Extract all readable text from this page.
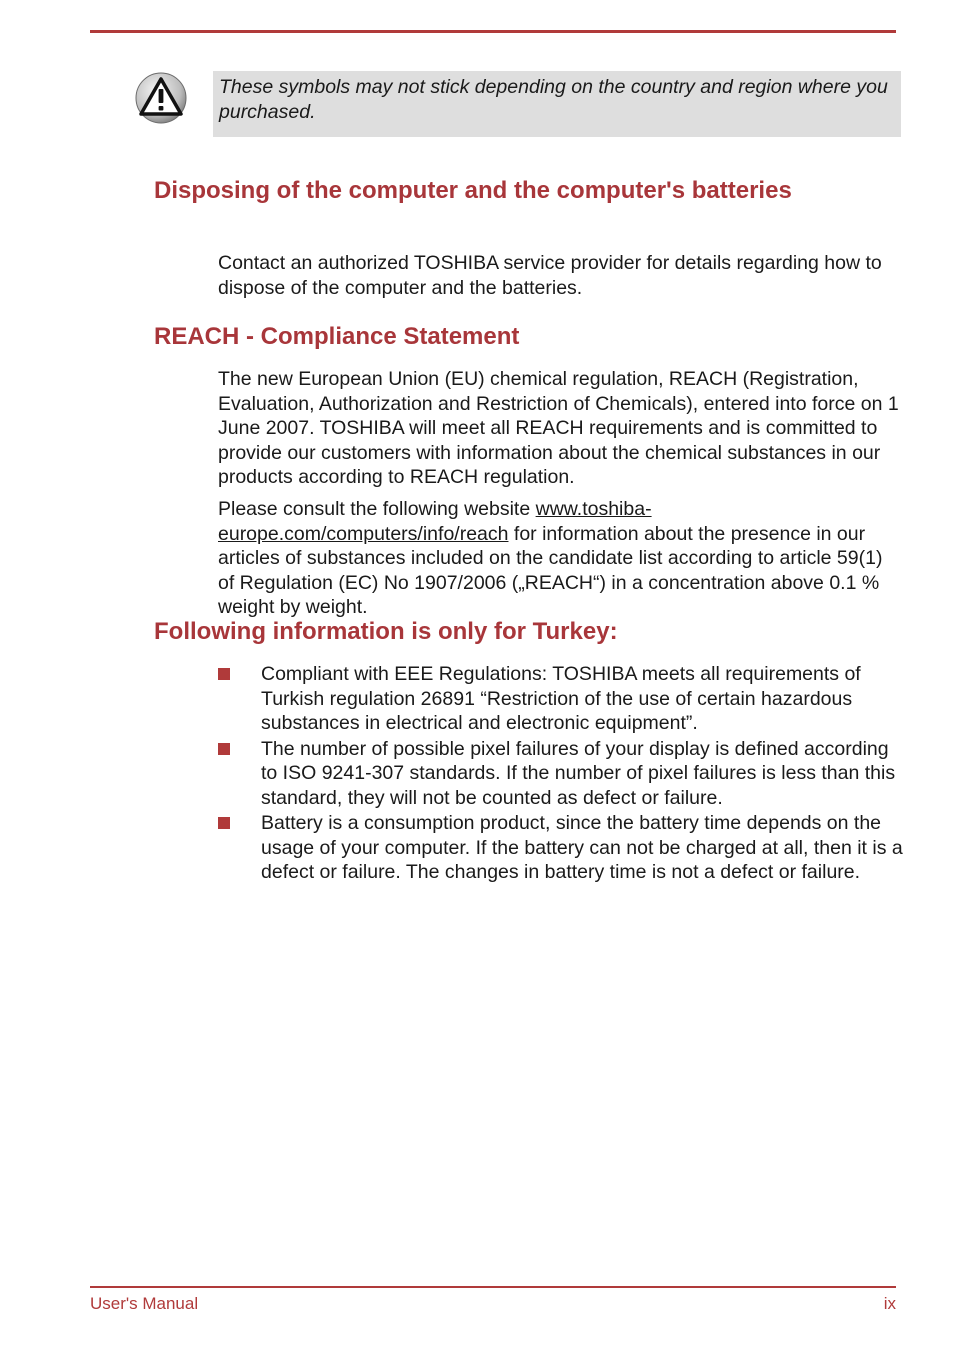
These symbols may not stick depending on the country and region where you purchased.

Disposing of the computer and the computer's batteries

Contact an authorized TOSHIBA service provider for details regarding how to dispose of the computer and the batteries.

REACH - Compliance Statement

The new European Union (EU) chemical regulation, REACH (Registration, Evaluation, Authorization and Restriction of Chemicals), entered into force on 1 June 2007. TOSHIBA will meet all REACH requirements and is committed to provide our customers with information about the chemical substances in our products according to REACH regulation.

Please consult the following website www.toshiba-europe.com/computers/info/reach for information about the presence in our articles of substances included on the candidate list according to article 59(1) of Regulation (EC) No 1907/2006 („REACH“) in a concentration above 0.1 % weight by weight.

Following information is only for Turkey:
Compliant with EEE Regulations: TOSHIBA meets all requirements of Turkish regulation 26891 “Restriction of the use of certain hazardous substances in electrical and electronic equipment”.
The number of possible pixel failures of your display is defined according to ISO 9241-307 standards. If the number of pixel failures is less than this standard, they will not be counted as defect or failure.
Battery is a consumption product, since the battery time depends on the usage of your computer. If the battery can not be charged at all, then it is a defect or failure. The changes in battery time is not a defect or failure.
User's Manual	ix
